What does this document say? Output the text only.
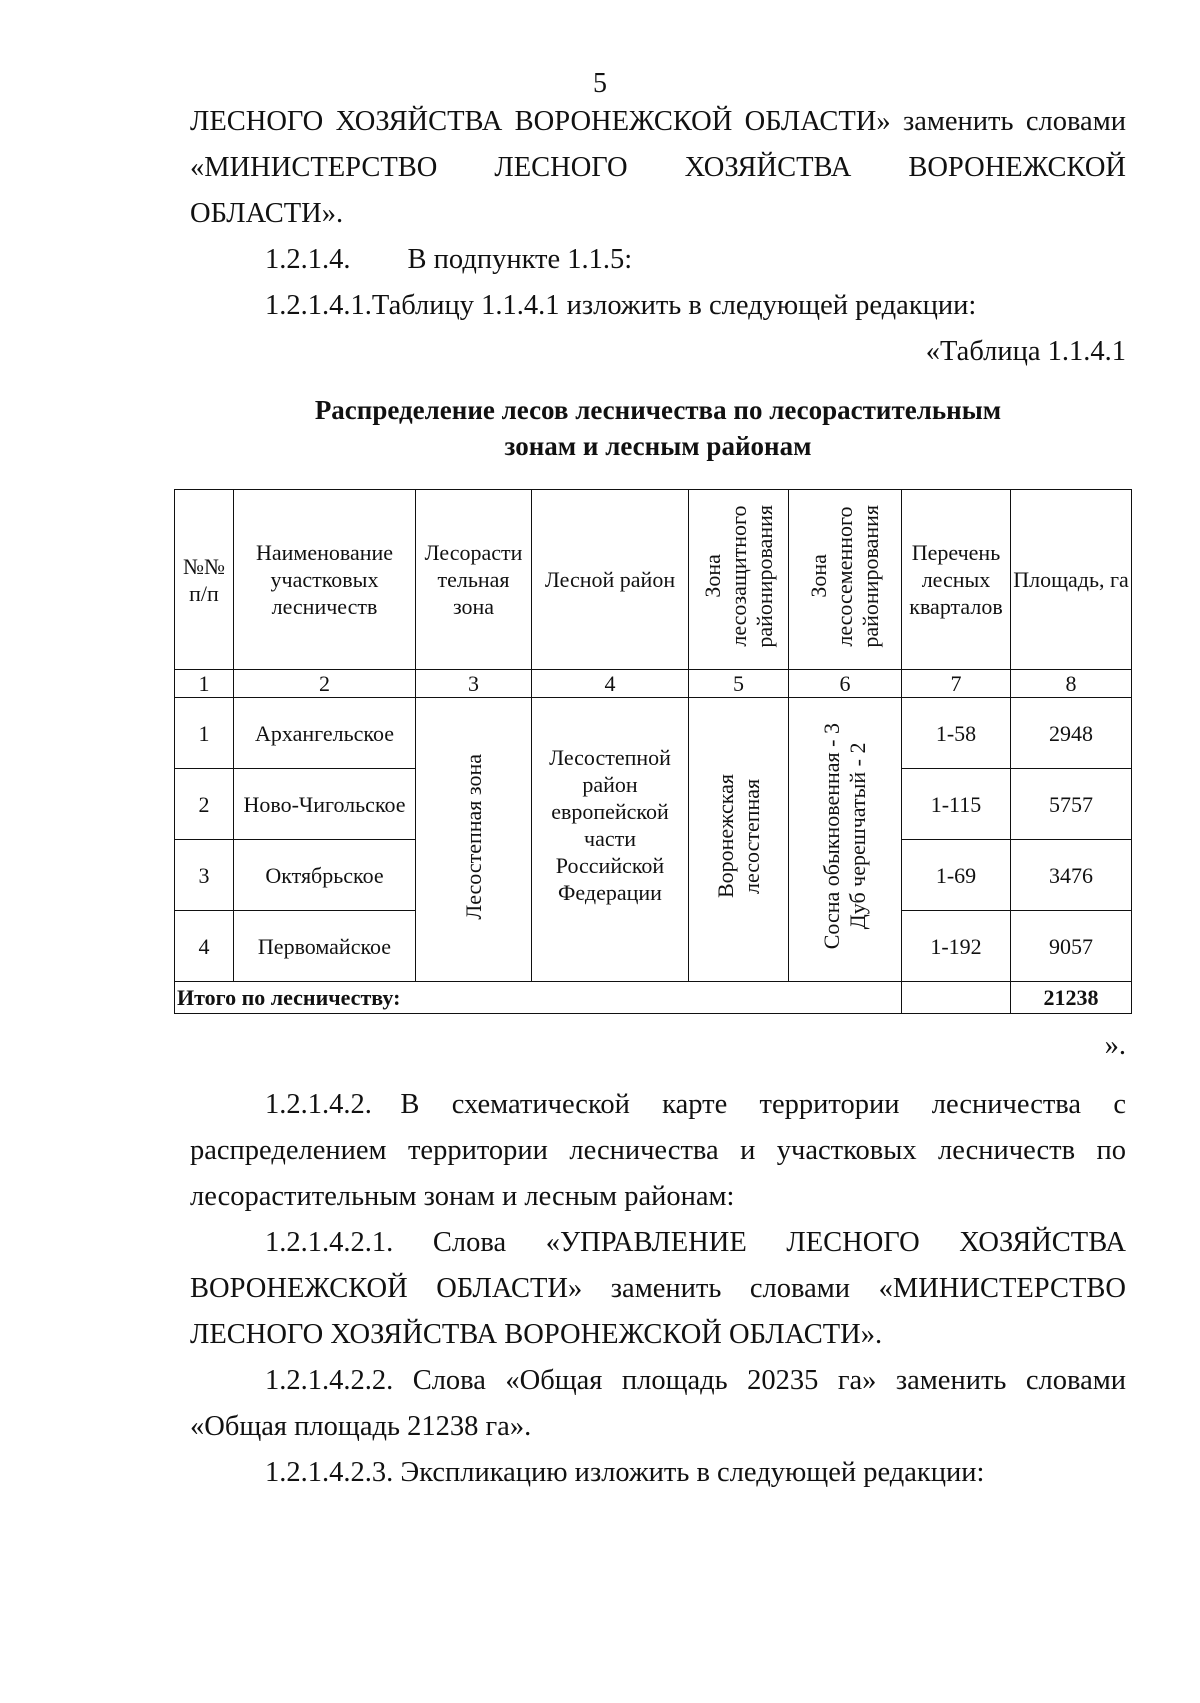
5
ЛЕСНОГО ХОЗЯЙСТВА ВОРОНЕЖСКОЙ ОБЛАСТИ» заменить словами
«МИНИСТЕРСТВО ЛЕСНОГО ХОЗЯЙСТВА ВОРОНЕЖСКОЙ
ОБЛАСТИ».
1.2.1.4.  В подпункте 1.1.5:
1.2.1.4.1.Таблицу 1.1.4.1 изложить в следующей редакции:
«Таблица 1.1.4.1
Распределение лесов лесничества по лесорастительным
зонам и лесным районам
№№ п/п	Наименование участковых лесничеств	Лесорасти тельная зона	Лесной район	Зона
лесозащитного
районирования	Зона
лесосеменного
районирования	Перечень лесных кварталов	Площадь, га
1	2	3	4	5	6	7	8
1	Архангельское	Лесостепная зона	Лесостепной район европейской части Российской Федерации	Воронежская
лесостепная	Сосна обыкновенная - 3
Дуб черешчатый - 2	1-58	2948
2	Ново-Чигольское					1-115	5757
3	Октябрьское					1-69	3476
4	Первомайское					1-192	9057
Итого по лесничеству:							21238
».
1.2.1.4.2. В схематической карте территории лесничества с
распределением территории лесничества и участковых лесничеств по
лесорастительным зонам и лесным районам:
1.2.1.4.2.1. Слова «УПРАВЛЕНИЕ ЛЕСНОГО ХОЗЯЙСТВА
ВОРОНЕЖСКОЙ ОБЛАСТИ» заменить словами «МИНИСТЕРСТВО
ЛЕСНОГО ХОЗЯЙСТВА ВОРОНЕЖСКОЙ ОБЛАСТИ».
1.2.1.4.2.2. Слова «Общая площадь 20235 га» заменить словами
«Общая площадь 21238 га».
1.2.1.4.2.3. Экспликацию изложить в следующей редакции:
